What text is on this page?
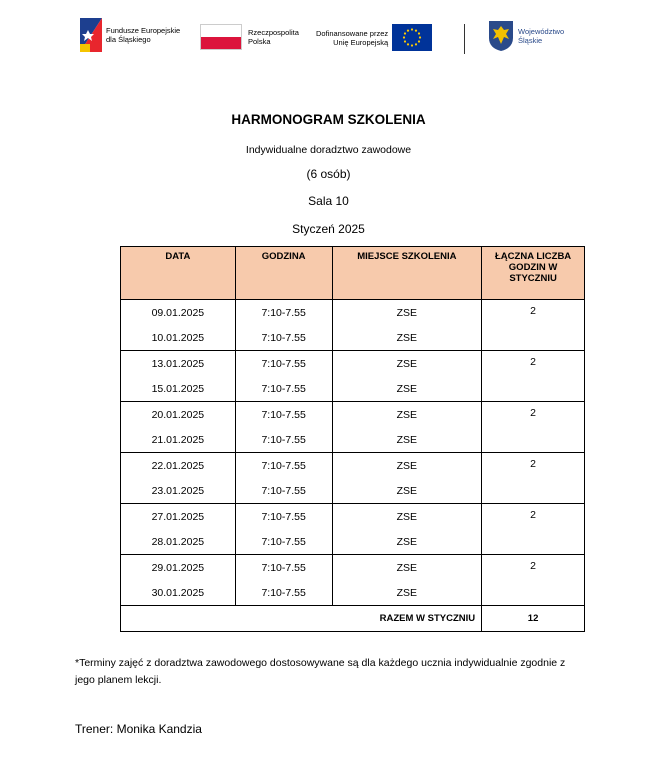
Fundusze Europejskie
dla Śląskiego
Rzeczpospolita
Polska
Dofinansowane przez
Unię Europejską
Województwo
Śląskie
HARMONOGRAM SZKOLENIA
Indywidualne doradztwo zawodowe
(6 osób)
Sala 10
Styczeń 2025
DATA	GODZINA	MIEJSCE SZKOLENIA	ŁĄCZNA LICZBA GODZIN W STYCZNIU
09.01.2025	7:10-7.55	ZSE	2
10.01.2025	7:10-7.55	ZSE	
13.01.2025	7:10-7.55	ZSE	2
15.01.2025	7:10-7.55	ZSE	
20.01.2025	7:10-7.55	ZSE	2
21.01.2025	7:10-7.55	ZSE	
22.01.2025	7:10-7.55	ZSE	2
23.01.2025	7:10-7.55	ZSE	
27.01.2025	7:10-7.55	ZSE	2
28.01.2025	7:10-7.55	ZSE	
29.01.2025	7:10-7.55	ZSE	2
30.01.2025	7:10-7.55	ZSE	
RAZEM W STYCZNIU			12
*Terminy zajęć z doradztwa zawodowego dostosowywane są dla każdego ucznia indywidualnie zgodnie z jego planem lekcji.
Trener: Monika Kandzia
